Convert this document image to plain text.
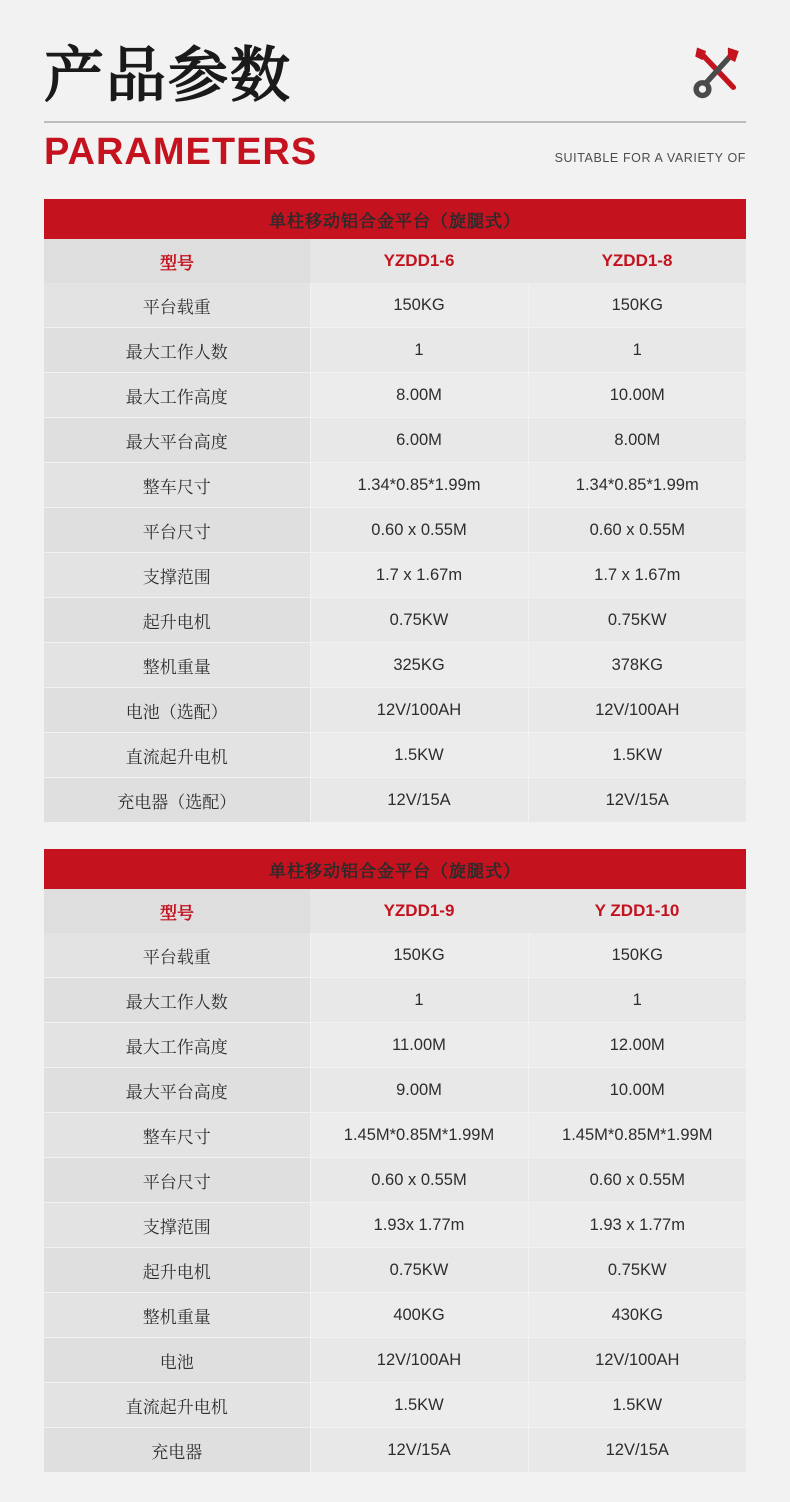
产品参数
PARAMETERS	SUITABLE FOR A VARIETY OF
单柱移动铝合金平台（旋腿式）		
型号	YZDD1-6	YZDD1-8
平台载重	150KG	150KG
最大工作人数	1	1
最大工作高度	8.00M	10.00M
最大平台高度	6.00M	8.00M
整车尺寸	1.34*0.85*1.99m	1.34*0.85*1.99m
平台尺寸	0.60 x 0.55M	0.60 x 0.55M
支撑范围	1.7 x 1.67m	1.7 x 1.67m
起升电机	0.75KW	0.75KW
整机重量	325KG	378KG
电池（选配）	12V/100AH	12V/100AH
直流起升电机	1.5KW	1.5KW
充电器（选配）	12V/15A	12V/15A
单柱移动铝合金平台（旋腿式）		
型号	YZDD1-9	Y ZDD1-10
平台载重	150KG	150KG
最大工作人数	1	1
最大工作高度	11.00M	12.00M
最大平台高度	9.00M	10.00M
整车尺寸	1.45M*0.85M*1.99M	1.45M*0.85M*1.99M
平台尺寸	0.60 x 0.55M	0.60 x 0.55M
支撑范围	1.93x 1.77m	1.93 x 1.77m
起升电机	0.75KW	0.75KW
整机重量	400KG	430KG
电池	12V/100AH	12V/100AH
直流起升电机	1.5KW	1.5KW
充电器	12V/15A	12V/15A
